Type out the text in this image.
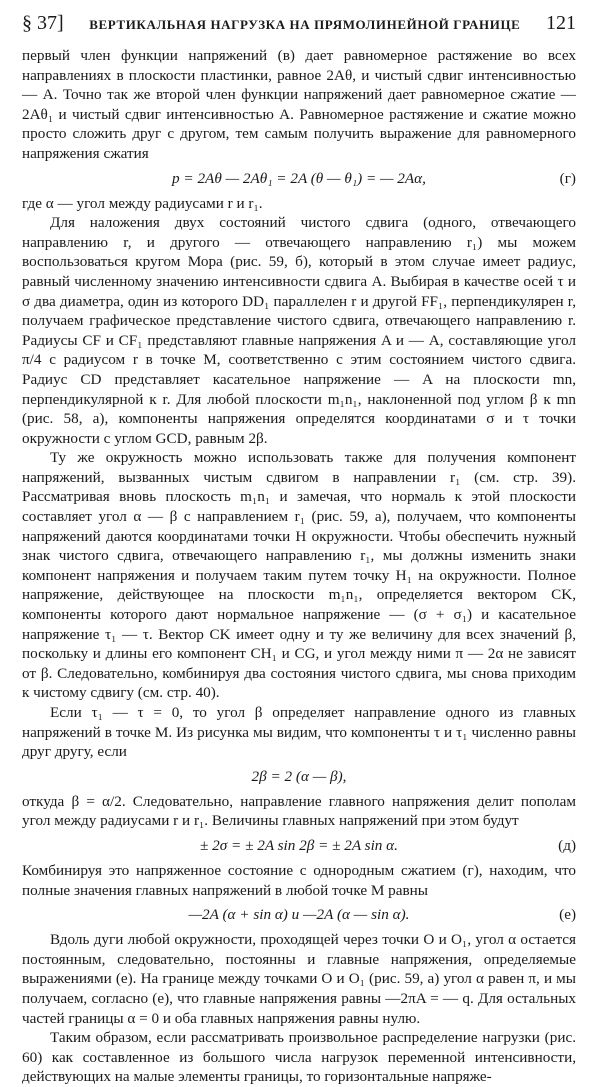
§ 37] ВЕРТИКАЛЬНАЯ НАГРУЗКА НА ПРЯМОЛИНЕЙНОЙ ГРАНИЦЕ 121

первый член функции напряжений (в) дает равномерное растяжение во всех направлениях в плоскости пластинки, равное 2Aθ, и чистый сдвиг интенсивностью — A. Точно так же второй член функции напряжений дает равномерное сжатие —2Aθ₁ и чистый сдвиг интенсивностью A. Равномерное растяжение и сжатие можно просто сложить друг с другом, тем самым получить выражение для равномерного напряжения сжатия

p = 2Aθ — 2Aθ₁ = 2A (θ — θ₁) = — 2Aα,	(г)

где α — угол между радиусами r и r₁.

Для наложения двух состояний чистого сдвига (одного, отвечающего направлению r, и другого — отвечающего направлению r₁) мы можем воспользоваться кругом Мора (рис. 59, б), который в этом случае имеет радиус, равный численному значению интенсивности сдвига A. Выбирая в качестве осей τ и σ два диаметра, один из которого DD₁ параллелен r и другой FF₁, перпендикулярен r, получаем графическое представление чистого сдвига, отвечающего направлению r. Радиусы CF и CF₁ представляют главные напряжения A и — A, составляющие угол π/4 с радиусом r в точке M, соответственно с этим состоянием чистого сдвига. Радиус CD представляет касательное напряжение — A на плоскости mn, перпендикулярной к r. Для любой плоскости m₁n₁, наклоненной под углом β к mn (рис. 58, а), компоненты напряжения определятся координатами σ и τ точки окружности с углом GCD, равным 2β.

Ту же окружность можно использовать также для получения компонент напряжений, вызванных чистым сдвигом в направлении r₁ (см. стр. 39). Рассматривая вновь плоскость m₁n₁ и замечая, что нормаль к этой плоскости составляет угол α — β с направлением r₁ (рис. 59, а), получаем, что компоненты напряжений даются координатами точки H окружности. Чтобы обеспечить нужный знак чистого сдвига, отвечающего направлению r₁, мы должны изменить знаки компонент напряжения и получаем таким путем точку H₁ на окружности. Полное напряжение, действующее на плоскости m₁n₁, определяется вектором CK, компоненты которого дают нормальное напряжение — (σ + σ₁) и касательное напряжение τ₁ — τ. Вектор CK имеет одну и ту же величину для всех значений β, поскольку и длины его компонент CH₁ и CG, и угол между ними π — 2α не зависят от β. Следовательно, комбинируя два состояния чистого сдвига, мы снова приходим к чистому сдвигу (см. стр. 40).

Если τ₁ — τ = 0, то угол β определяет направление одного из главных напряжений в точке M. Из рисунка мы видим, что компоненты τ и τ₁ численно равны друг другу, если

2β = 2 (α — β),

откуда β = α/2. Следовательно, направление главного напряжения делит пополам угол между радиусами r и r₁. Величины главных напряжений при этом будут

± 2σ = ± 2A sin 2β = ± 2A sin α.	(д)

Комбинируя это напряженное состояние с однородным сжатием (г), находим, что полные значения главных напряжений в любой точке M равны

—2A (α + sin α) и —2A (α — sin α).	(е)

Вдоль дуги любой окружности, проходящей через точки O и O₁, угол α остается постоянным, следовательно, постоянны и главные напряжения, определяемые выражениями (е). На границе между точками O и O₁ (рис. 59, а) угол α равен π, и мы получаем, согласно (е), что главные напряжения равны —2πA = — q. Для остальных частей границы α = 0 и оба главных напряжения равны нулю.

Таким образом, если рассматривать произвольное распределение нагрузки (рис. 60) как составленное из большого числа нагрузок переменной интенсивности, действующих на малые элементы границы, то горизонтальные напряже-
